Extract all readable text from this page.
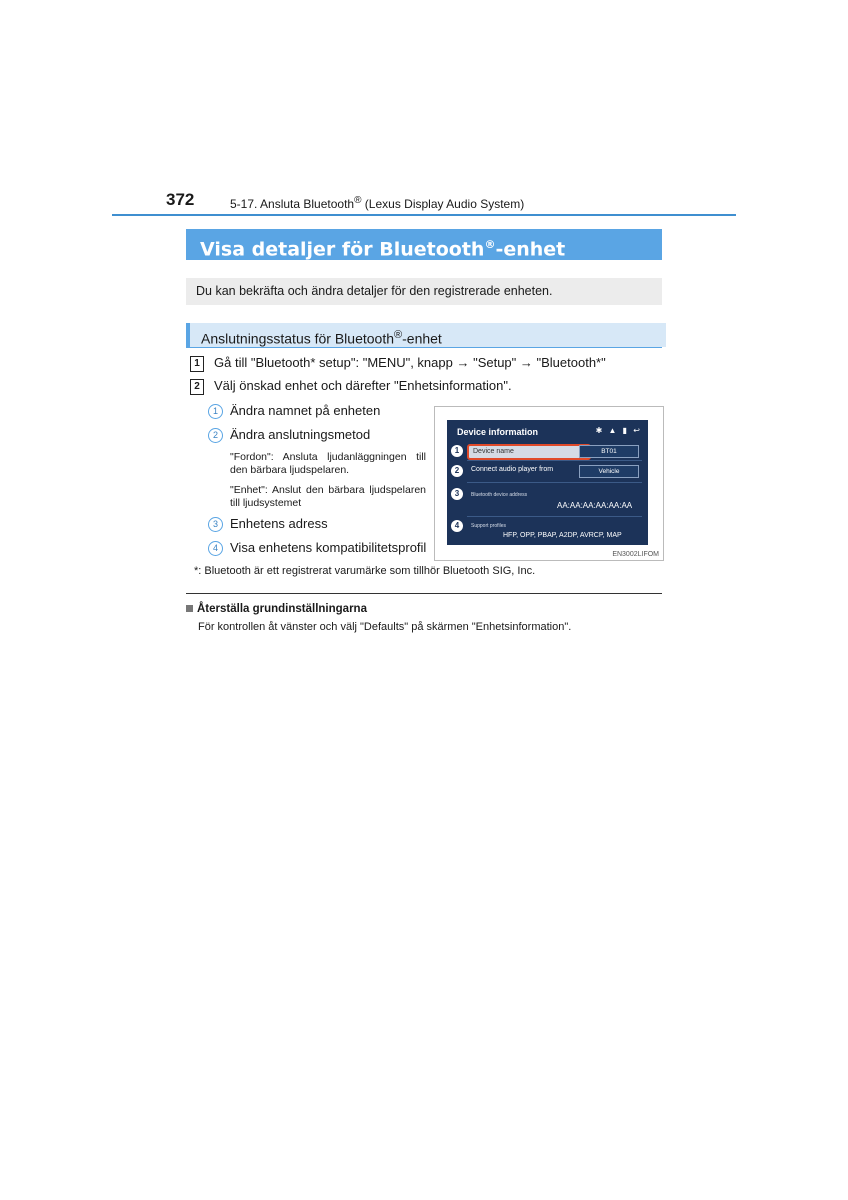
372	5-17. Ansluta Bluetooth® (Lexus Display Audio System)
Visa detaljer för Bluetooth®-enhet
Du kan bekräfta och ändra detaljer för den registrerade enheten.
Anslutningsstatus för Bluetooth®-enhet
1 Gå till "Bluetooth* setup": "MENU", knapp → "Setup" → "Bluetooth*"
2 Välj önskad enhet och därefter "Enhetsinformation".
1 Ändra namnet på enheten
2 Ändra anslutningsmetod
"Fordon": Ansluta ljudanläggningen till den bärbara ljudspelaren.
"Enhet": Anslut den bärbara ljudspelaren till ljudsystemet
3 Enhetens adress
4 Visa enhetens kompatibilitetsprofil
Device information	✱ ▲ ▮ ↩
Device name
1	BT01
2	Connect audio player from	Vehicle
3	Bluetooth device address
AA:AA:AA:AA:AA:AA
4	Support profiles
HFP, OPP, PBAP, A2DP, AVRCP, MAP
EN3002LIFOM
*: Bluetooth är ett registrerat varumärke som tillhör Bluetooth SIG, Inc.
Återställa grundinställningarna
För kontrollen åt vänster och välj "Defaults" på skärmen "Enhetsinformation".
